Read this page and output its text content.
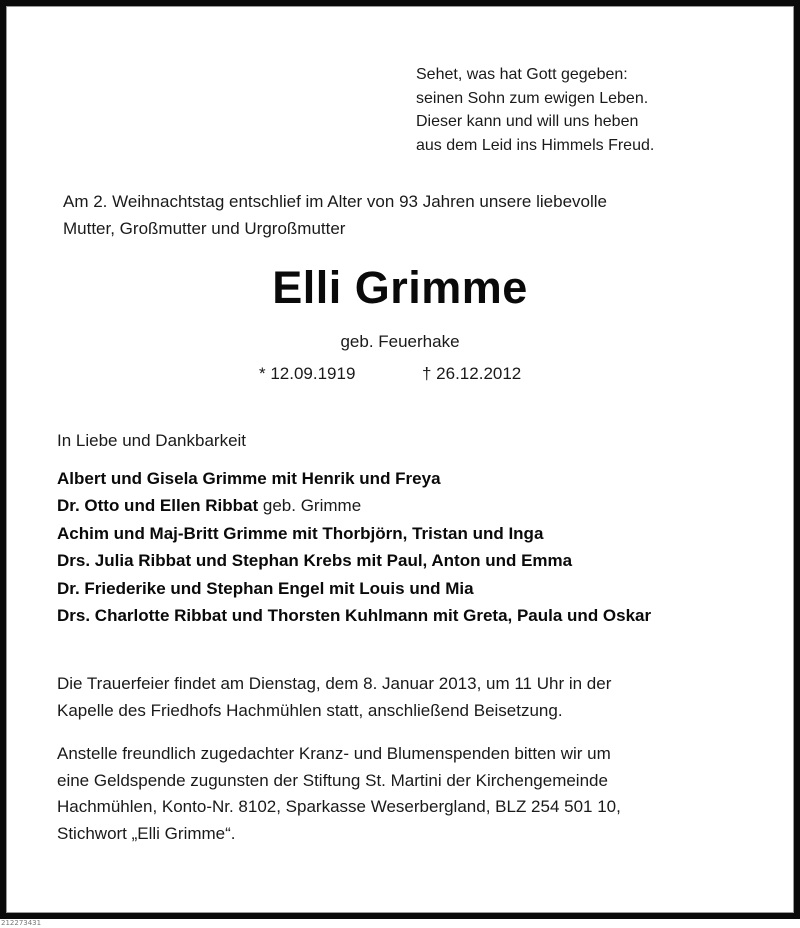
Sehet, was hat Gott gegeben:
seinen Sohn zum ewigen Leben.
Dieser kann und will uns heben
aus dem Leid ins Himmels Freud.
Am 2. Weihnachtstag entschlief im Alter von 93 Jahren unsere liebevolle
Mutter, Großmutter und Urgroßmutter
Elli Grimme
geb. Feuerhake
* 12.09.1919	† 26.12.2012
In Liebe und Dankbarkeit
Albert und Gisela Grimme mit Henrik und Freya
Dr. Otto und Ellen Ribbat geb. Grimme
Achim und Maj-Britt Grimme mit Thorbjörn, Tristan und Inga
Drs. Julia Ribbat und Stephan Krebs mit Paul, Anton und Emma
Dr. Friederike und Stephan Engel mit Louis und Mia
Drs. Charlotte Ribbat und Thorsten Kuhlmann mit Greta, Paula und Oskar
Die Trauerfeier findet am Dienstag, dem 8. Januar 2013, um 11 Uhr in der
Kapelle des Friedhofs Hachmühlen statt, anschließend Beisetzung.
Anstelle freundlich zugedachter Kranz- und Blumenspenden bitten wir um
eine Geldspende zugunsten der Stiftung St. Martini der Kirchengemeinde
Hachmühlen, Konto-Nr. 8102, Sparkasse Weserbergland, BLZ 254 501 10,
Stichwort „Elli Grimme“.
212273431
